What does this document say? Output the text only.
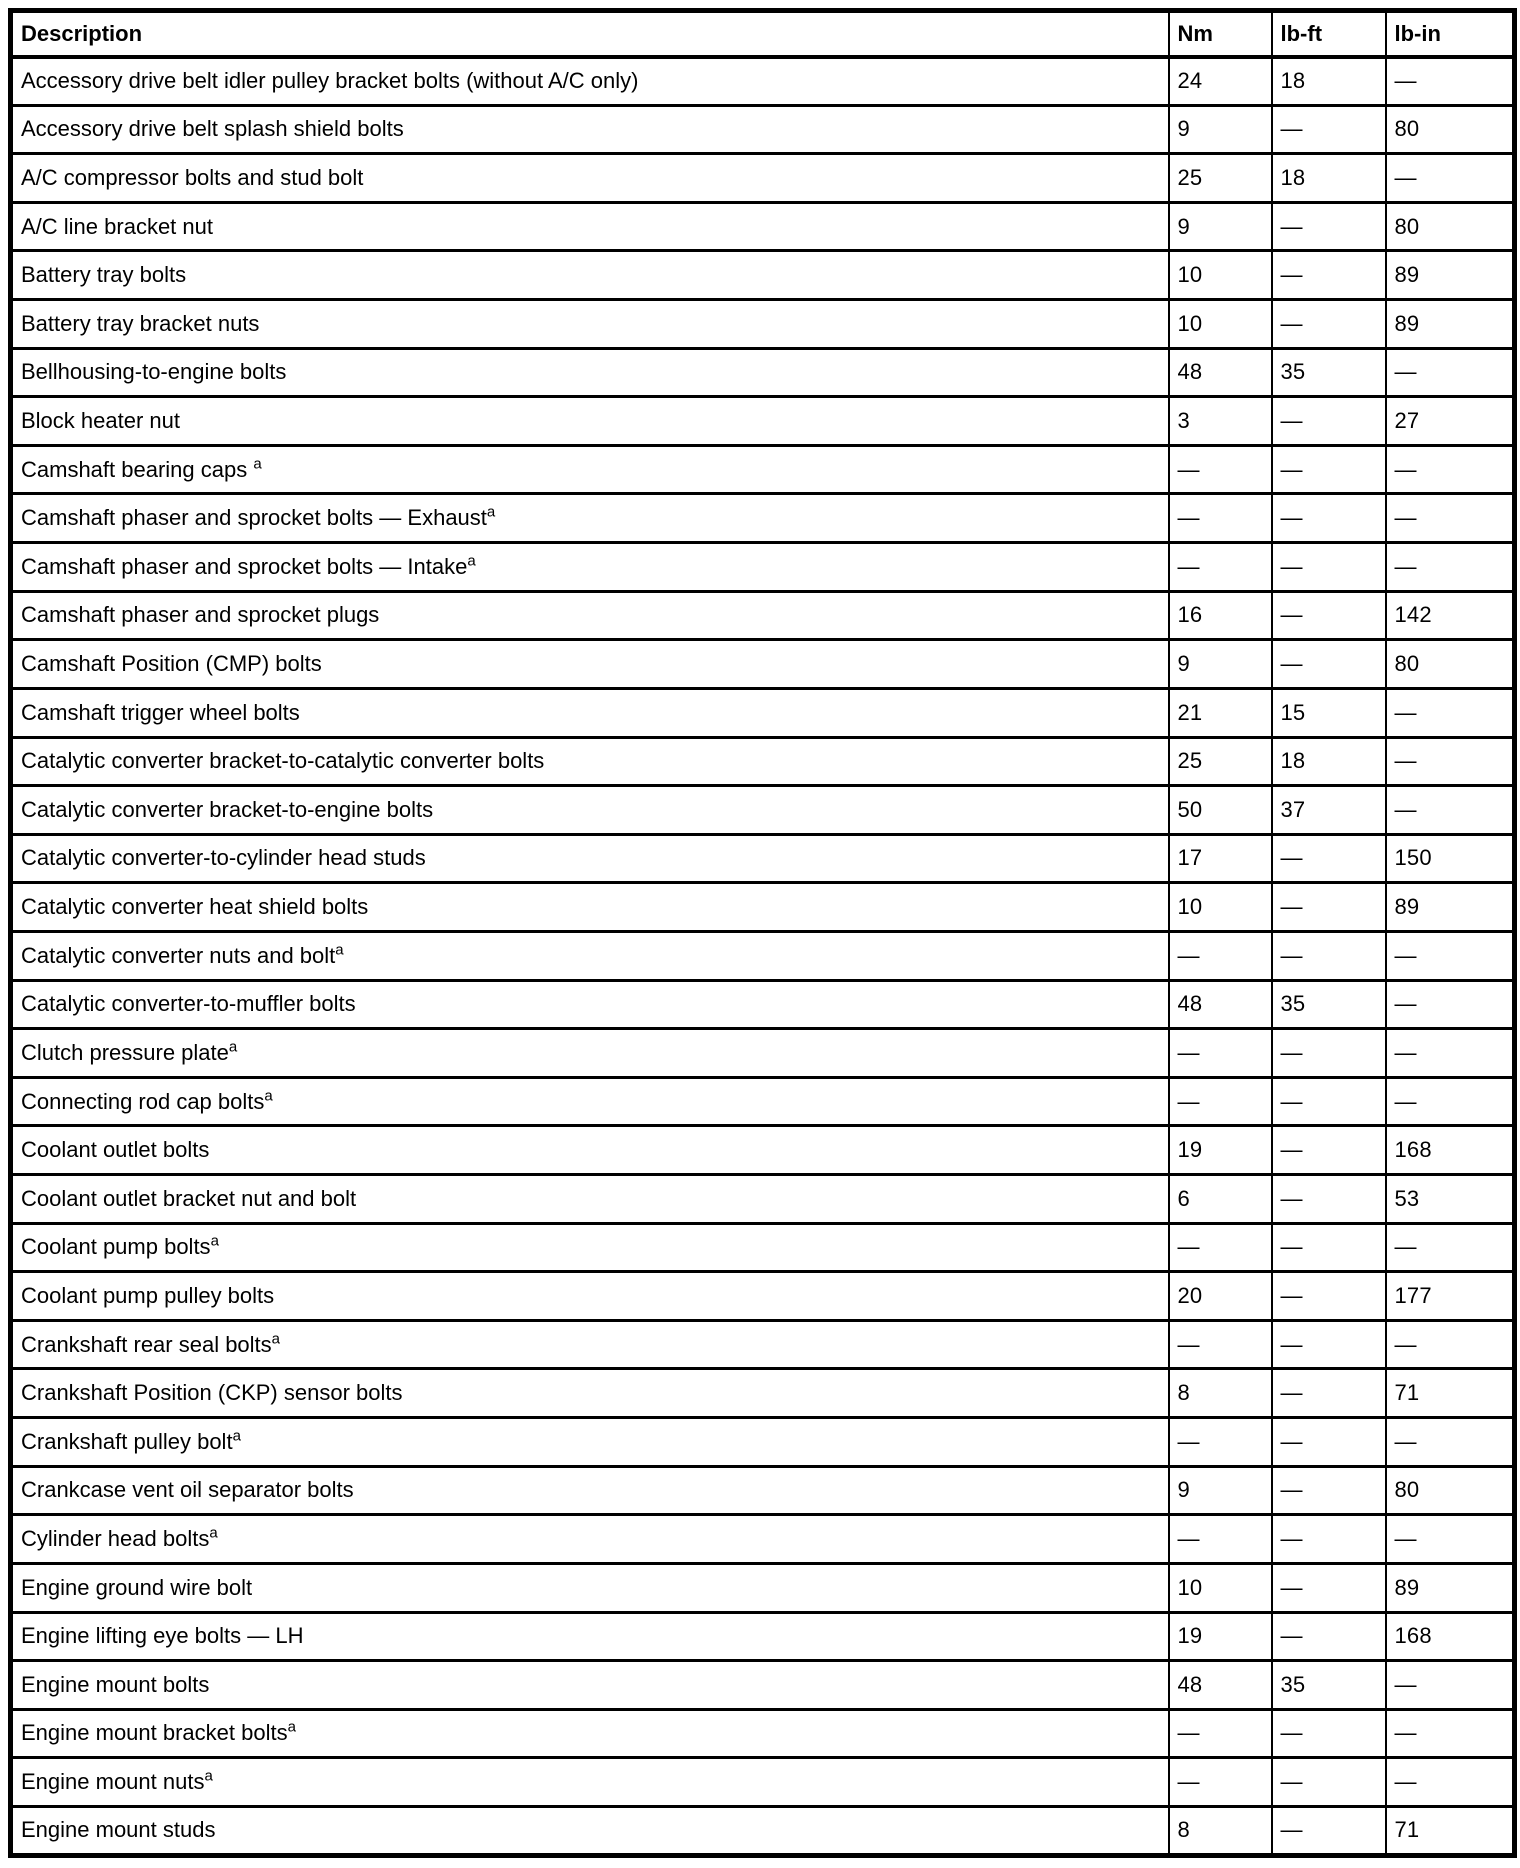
Description	Nm	lb-ft	lb-in
Accessory drive belt idler pulley bracket bolts (without A/C only)	24	18	—
Accessory drive belt splash shield bolts	9	—	80
A/C compressor bolts and stud bolt	25	18	—
A/C line bracket nut	9	—	80
Battery tray bolts	10	—	89
Battery tray bracket nuts	10	—	89
Bellhousing-to-engine bolts	48	35	—
Block heater nut	3	—	27
Camshaft bearing caps $^a$	—	—	—
Camshaft phaser and sprocket bolts — Exhaust$^a$	—	—	—
Camshaft phaser and sprocket bolts — Intake$^a$	—	—	—
Camshaft phaser and sprocket plugs	16	—	142
Camshaft Position (CMP) bolts	9	—	80
Camshaft trigger wheel bolts	21	15	—
Catalytic converter bracket-to-catalytic converter bolts	25	18	—
Catalytic converter bracket-to-engine bolts	50	37	—
Catalytic converter-to-cylinder head studs	17	—	150
Catalytic converter heat shield bolts	10	—	89
Catalytic converter nuts and bolt$^a$	—	—	—
Catalytic converter-to-muffler bolts	48	35	—
Clutch pressure plate$^a$	—	—	—
Connecting rod cap bolts$^a$	—	—	—
Coolant outlet bolts	19	—	168
Coolant outlet bracket nut and bolt	6	—	53
Coolant pump bolts$^a$	—	—	—
Coolant pump pulley bolts	20	—	177
Crankshaft rear seal bolts$^a$	—	—	—
Crankshaft Position (CKP) sensor bolts	8	—	71
Crankshaft pulley bolt$^a$	—	—	—
Crankcase vent oil separator bolts	9	—	80
Cylinder head bolts$^a$	—	—	—
Engine ground wire bolt	10	—	89
Engine lifting eye bolts — LH	19	—	168
Engine mount bolts	48	35	—
Engine mount bracket bolts$^a$	—	—	—
Engine mount nuts$^a$	—	—	—
Engine mount studs	8	—	71
